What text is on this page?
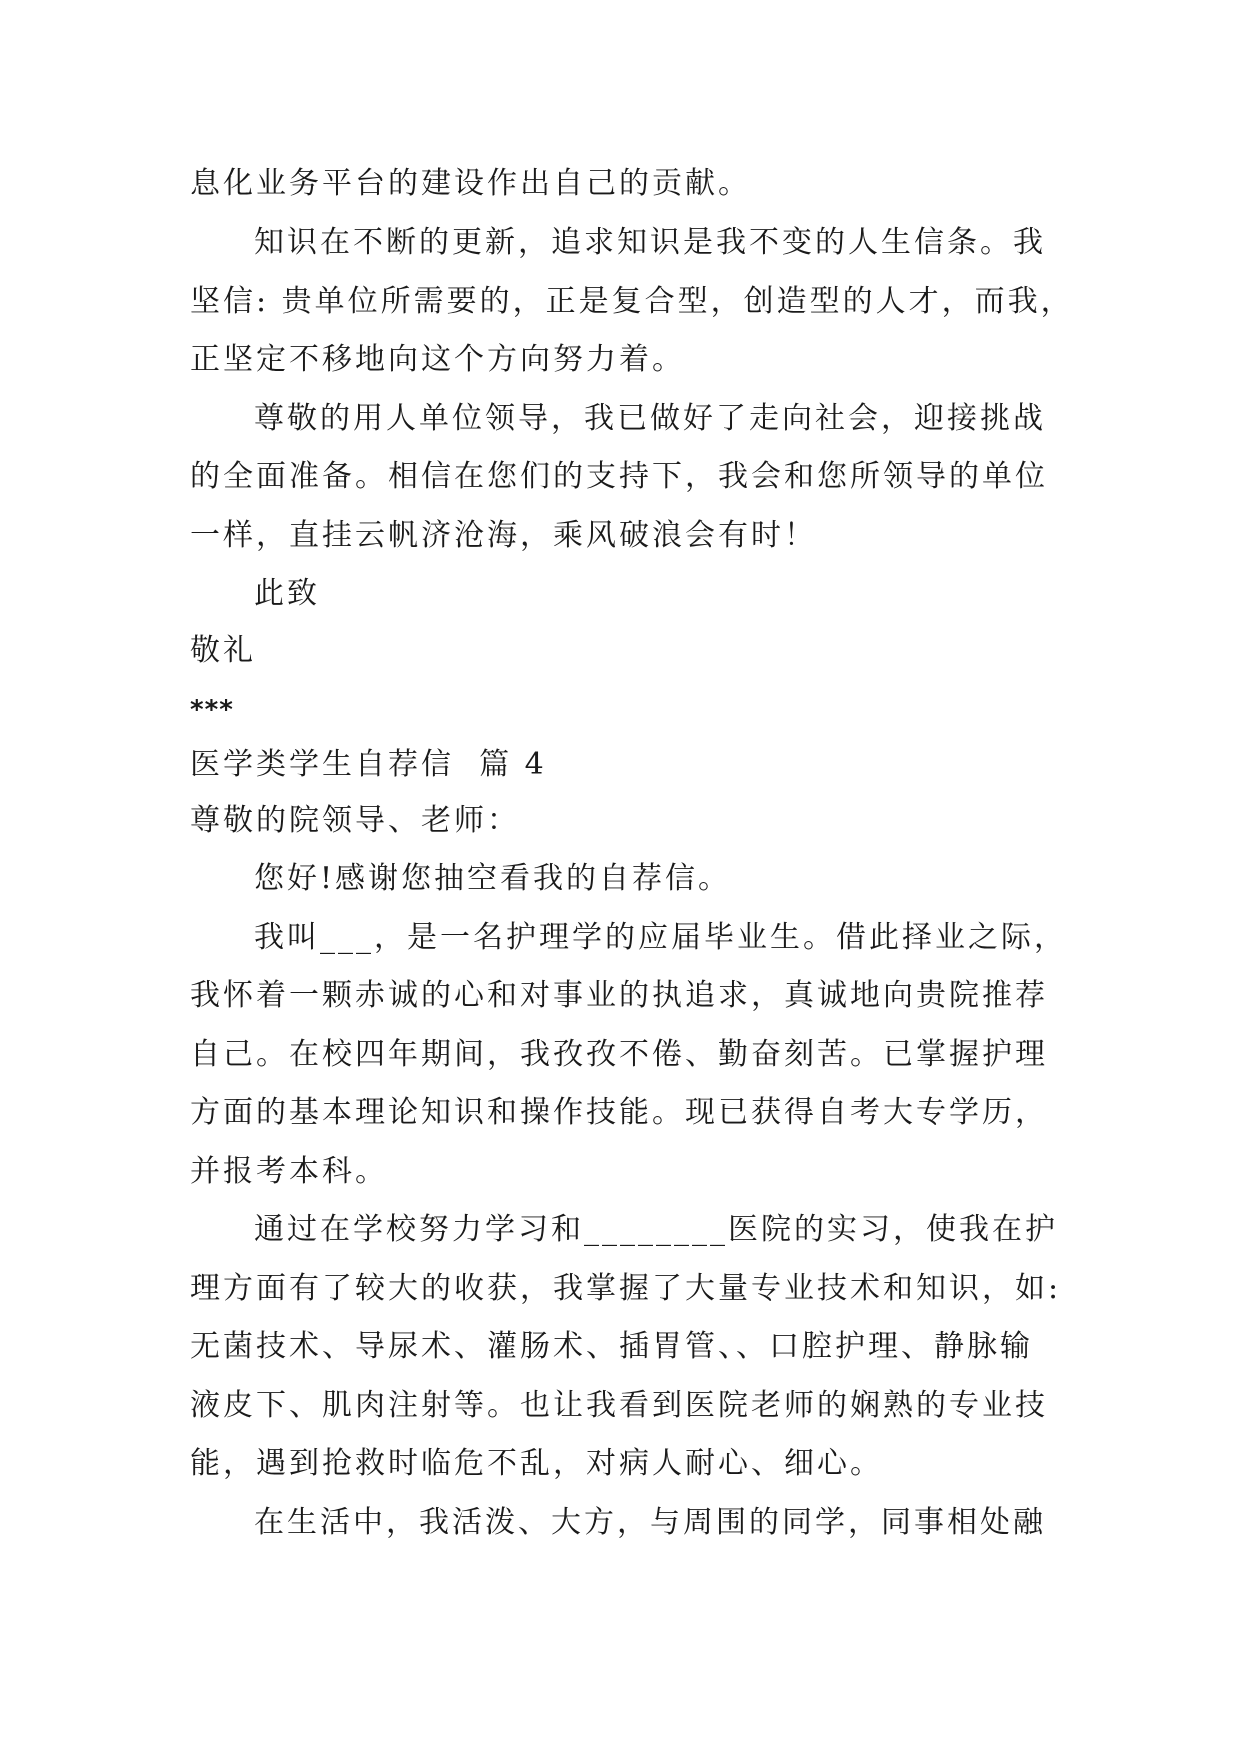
息化业务平台的建设作出自己的贡献。

知识在不断的更新，追求知识是我不变的人生信条。我

坚信: 贵单位所需要的，正是复合型，创造型的人才，而我，

正坚定不移地向这个方向努力着。

尊敬的用人单位领导，我已做好了走向社会，迎接挑战

的全面准备。相信在您们的支持下，我会和您所领导的单位

一样，直挂云帆济沧海，乘风破浪会有时！

此致

敬礼

***

医学类学生自荐信  篇 4

尊敬的院领导、老师：

您好!感谢您抽空看我的自荐信。

我叫___，是一名护理学的应届毕业生。借此择业之际，

我怀着一颗赤诚的心和对事业的执追求，真诚地向贵院推荐

自己。在校四年期间，我孜孜不倦、勤奋刻苦。已掌握护理

方面的基本理论知识和操作技能。现已获得自考大专学历，

并报考本科。

通过在学校努力学习和________医院的实习，使我在护

理方面有了较大的收获，我掌握了大量专业技术和知识，如:

无菌技术、导尿术、灌肠术、插胃管、、口腔护理、静脉输

液皮下、肌肉注射等。也让我看到医院老师的娴熟的专业技

能，遇到抢救时临危不乱，对病人耐心、细心。

在生活中，我活泼、大方，与周围的同学，同事相处融
